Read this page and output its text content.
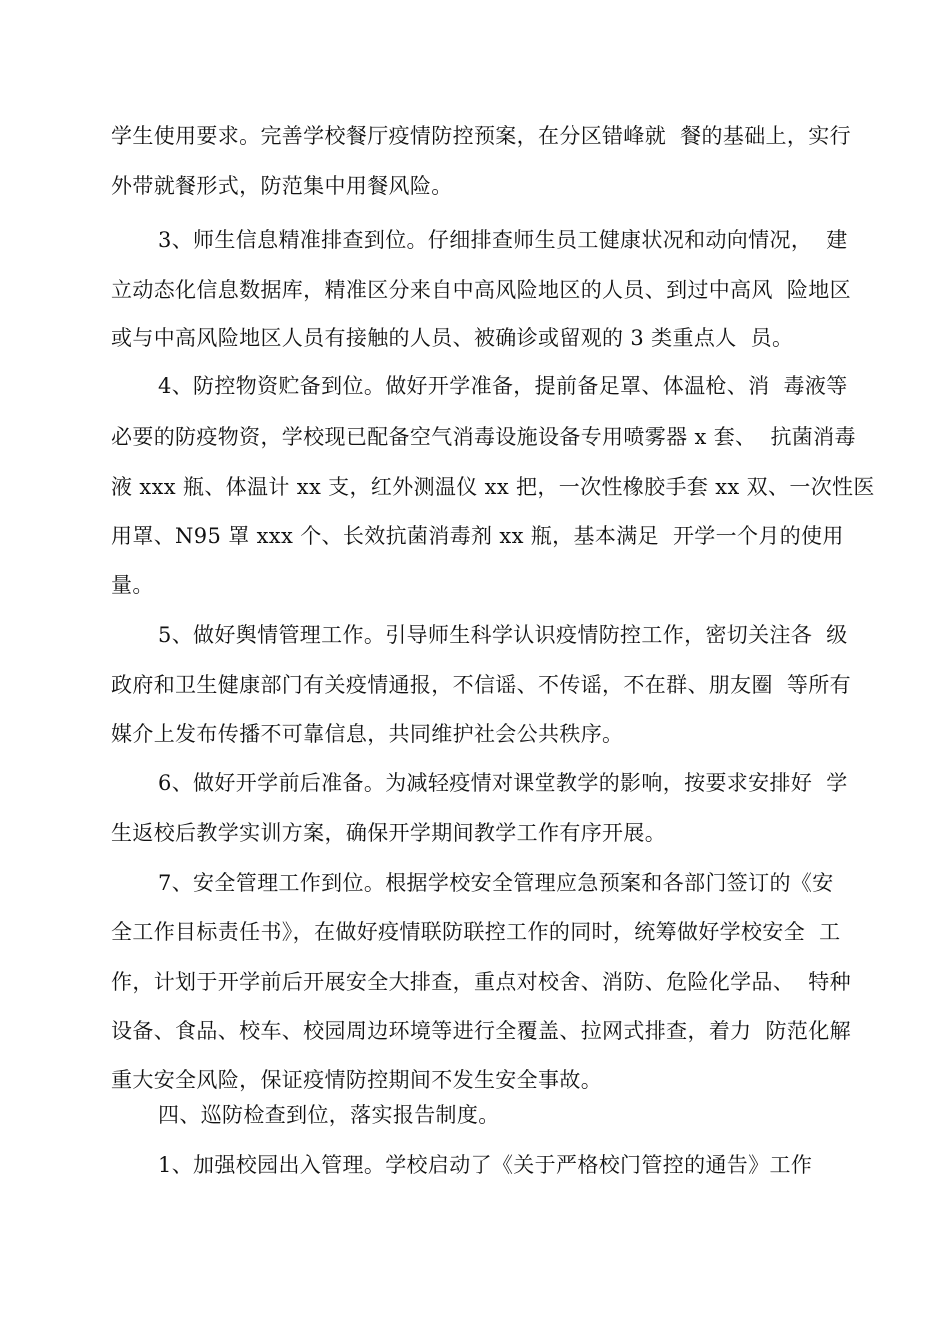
学生使用要求。完善学校餐厅疫情防控预案，在分区错峰就  餐的基础上，实行
外带就餐形式，防范集中用餐风险。
3、师生信息精准排查到位。仔细排查师生员工健康状况和动向情况，  建
立动态化信息数据库，精准区分来自中高风险地区的人员、到过中高风  险地区
或与中高风险地区人员有接触的人员、被确诊或留观的 3 类重点人  员。
4、防控物资贮备到位。做好开学准备，提前备足罩、体温枪、消  毒液等
必要的防疫物资，学校现已配备空气消毒设施设备专用喷雾器 x 套、  抗菌消毒
液 xxx 瓶、体温计 xx 支，红外测温仪 xx 把，一次性橡胶手套 xx 双、一次性医
用罩、N95 罩 xxx 个、长效抗菌消毒剂 xx 瓶，基本满足  开学一个月的使用
量。
5、做好舆情管理工作。引导师生科学认识疫情防控工作，密切关注各  级
政府和卫生健康部门有关疫情通报，不信谣、不传谣，不在群、朋友圈  等所有
媒介上发布传播不可靠信息，共同维护社会公共秩序。
6、做好开学前后准备。为减轻疫情对课堂教学的影响，按要求安排好  学
生返校后教学实训方案，确保开学期间教学工作有序开展。
7、安全管理工作到位。根据学校安全管理应急预案和各部门签订的《安
全工作目标责任书》，在做好疫情联防联控工作的同时，统筹做好学校安全  工
作，计划于开学前后开展安全大排查，重点对校舍、消防、危险化学品、  特种
设备、食品、校车、校园周边环境等进行全覆盖、拉网式排查，着力  防范化解
重大安全风险，保证疫情防控期间不发生安全事故。
四、巡防检查到位，落实报告制度。
1、加强校园出入管理。学校启动了《关于严格校门管控的通告》工作
